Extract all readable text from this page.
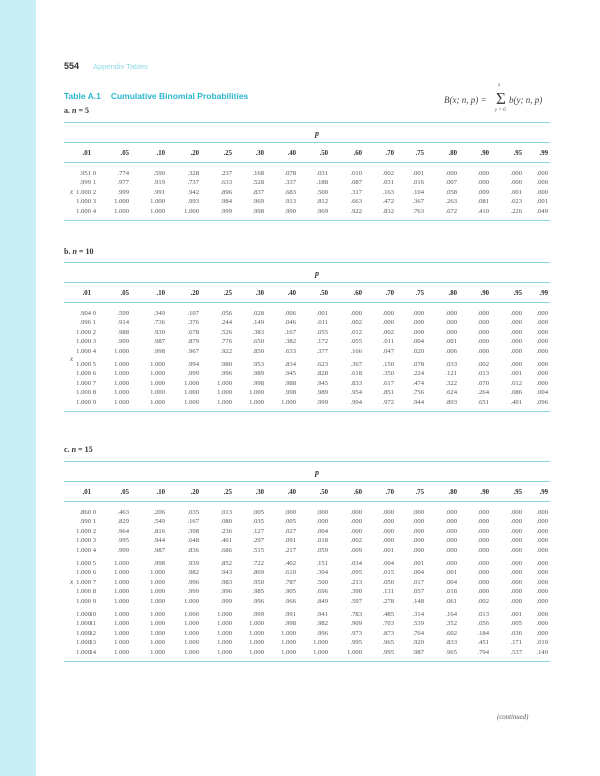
554 Appendix Tables
Table A.1 Cumulative Binomial Probabilities	B(x; n, p) =
x
Σ
y = 0
b(y; n, p)
a. n = 5
p
.01	.05	.10	.20	.25	.30	.40	.50	.60	.70	.75	.80	.90	.95	.99
0
.951	.774	.590	.328	.237	.168	.078	.031	.010	.002	.001	.000	.000	.000	.000
1
.999	.977	.919	.737	.633	.528	.337	.188	.087	.031	.016	.007	.000	.000	.000
2
1.000	.999	.991	.942	.896	.837	.683	.500	.317	.163	.104	.058	.009	.001	.000
3
1.000	1.000	1.000	.993	.984	.969	.913	.812	.663	.472	.367	.263	.081	.023	.001
4
1.000	1.000	1.000	1.000	.999	.998	.990	.969	.922	.832	.763	.672	.410	.226	.049
x
b. n = 10
p
.01	.05	.10	.20	.25	.30	.40	.50	.60	.70	.75	.80	.90	.95	.99
0
.904	.599	.349	.107	.056	.028	.006	.001	.000	.000	.000	.000	.000	.000	.000
1
.996	.914	.736	.376	.244	.149	.046	.011	.002	.000	.000	.000	.000	.000	.000
2
1.000	.988	.930	.678	.526	.383	.167	.055	.012	.002	.000	.000	.000	.000	.000
3
1.000	.999	.987	.879	.776	.650	.382	.172	.055	.011	.004	.001	.000	.000	.000
4
1.000	1.000	.998	.967	.922	.850	.633	.377	.166	.047	.020	.006	.000	.000	.000
5
1.000	1.000	1.000	.994	.980	.953	.834	.623	.367	.150	.078	.033	.002	.000	.000
6
1.000	1.000	1.000	.999	.996	.989	.945	.828	.618	.350	.224	.121	.013	.001	.000
7
1.000	1.000	1.000	1.000	1.000	.998	.988	.945	.833	.617	.474	.322	.070	.012	.000
8
1.000	1.000	1.000	1.000	1.000	1.000	.998	.989	.954	.851	.756	.624	.264	.086	.004
9
1.000	1.000	1.000	1.000	1.000	1.000	1.000	.999	.994	.972	.944	.893	.651	.401	.096
x
c. n = 15
p
.01	.05	.10	.20	.25	.30	.40	.50	.60	.70	.75	.80	.90	.95	.99
0
.860	.463	.206	.035	.013	.005	.000	.000	.000	.000	.000	.000	.000	.000	.000
1
.990	.829	.549	.167	.080	.035	.005	.000	.000	.000	.000	.000	.000	.000	.000
2
1.000	.964	.816	.398	.236	.127	.027	.004	.000	.000	.000	.000	.000	.000	.000
3
1.000	.995	.944	.648	.461	.297	.091	.018	.002	.000	.000	.000	.000	.000	.000
4
1.000	.999	.987	.836	.686	.515	.217	.059	.009	.001	.000	.000	.000	.000	.000
5
1.000	1.000	.998	.939	.852	.722	.402	.151	.034	.004	.001	.000	.000	.000	.000
6
1.000	1.000	1.000	.982	.943	.869	.610	.304	.095	.015	.004	.001	.000	.000	.000
7
1.000	1.000	1.000	.996	.983	.950	.787	.500	.213	.050	.017	.004	.000	.000	.000
8
1.000	1.000	1.000	.999	.996	.985	.905	.696	.390	.131	.057	.018	.000	.000	.000
9
1.000	1.000	1.000	1.000	.999	.996	.966	.849	.597	.278	.148	.061	.002	.000	.000
10
1.000	1.000	1.000	1.000	1.000	.999	.991	.941	.783	.485	.314	.164	.013	.001	.000
11
1.000	1.000	1.000	1.000	1.000	1.000	.998	.982	.909	.703	.539	.352	.056	.005	.000
12
1.000	1.000	1.000	1.000	1.000	1.000	1.000	.996	.973	.873	.764	.602	.184	.036	.000
13
1.000	1.000	1.000	1.000	1.000	1.000	1.000	1.000	.995	.965	.920	.833	.451	.171	.010
14
1.000	1.000	1.000	1.000	1.000	1.000	1.000	1.000	1.000	.995	.987	.965	.794	.537	.140
x
(continued)
